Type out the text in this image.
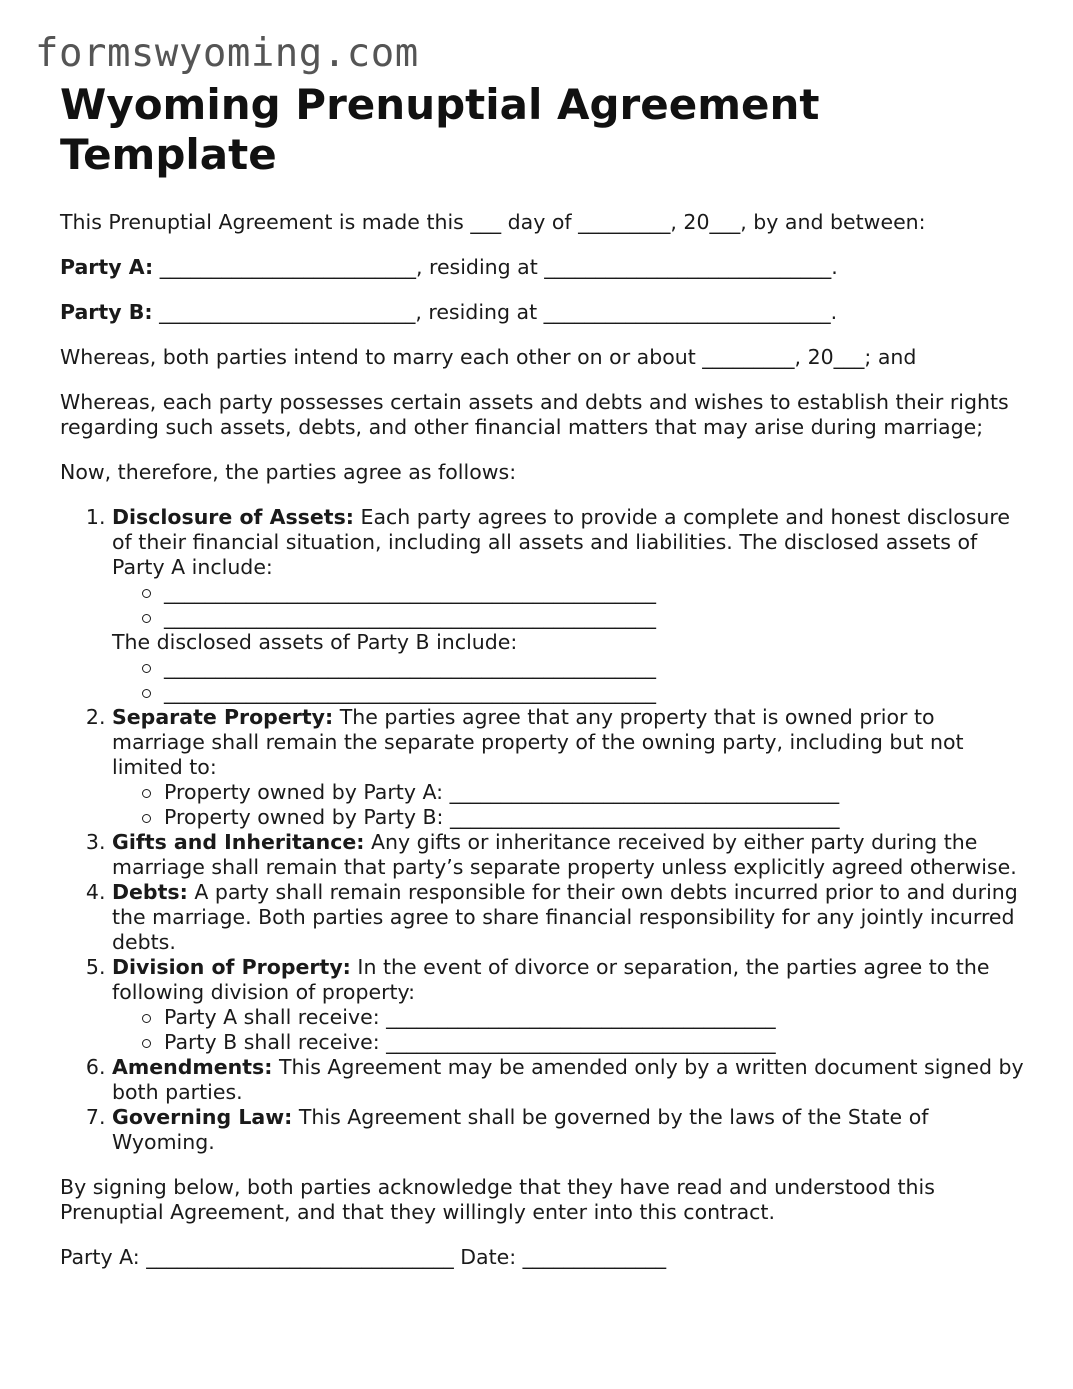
formswyoming.com
Wyoming Prenuptial Agreement Template

This Prenuptial Agreement is made this ___ day of _________, 20___, by and between:

Party A: _________________________, residing at ____________________________.

Party B: _________________________, residing at ____________________________.

Whereas, both parties intend to marry each other on or about _________, 20___; and

Whereas, each party possesses certain assets and debts and wishes to establish their rights regarding such assets, debts, and other financial matters that may arise during marriage;

Now, therefore, the parties agree as follows:

1. Disclosure of Assets: Each party agrees to provide a complete and honest disclosure of their financial situation, including all assets and liabilities. The disclosed assets of Party A include:
________________________________________________
________________________________________________
The disclosed assets of Party B include:
________________________________________________
________________________________________________
2. Separate Property: The parties agree that any property that is owned prior to marriage shall remain the separate property of the owning party, including but not limited to:
Property owned by Party A: ______________________________________
Property owned by Party B: ______________________________________
3. Gifts and Inheritance: Any gifts or inheritance received by either party during the marriage shall remain that party’s separate property unless explicitly agreed otherwise.
4. Debts: A party shall remain responsible for their own debts incurred prior to and during the marriage. Both parties agree to share financial responsibility for any jointly incurred debts.
5. Division of Property: In the event of divorce or separation, the parties agree to the following division of property:
Party A shall receive: ______________________________________
Party B shall receive: ______________________________________
6. Amendments: This Agreement may be amended only by a written document signed by both parties.
7. Governing Law: This Agreement shall be governed by the laws of the State of Wyoming.

By signing below, both parties acknowledge that they have read and understood this Prenuptial Agreement, and that they willingly enter into this contract.

Party A: ______________________________ Date: ______________
